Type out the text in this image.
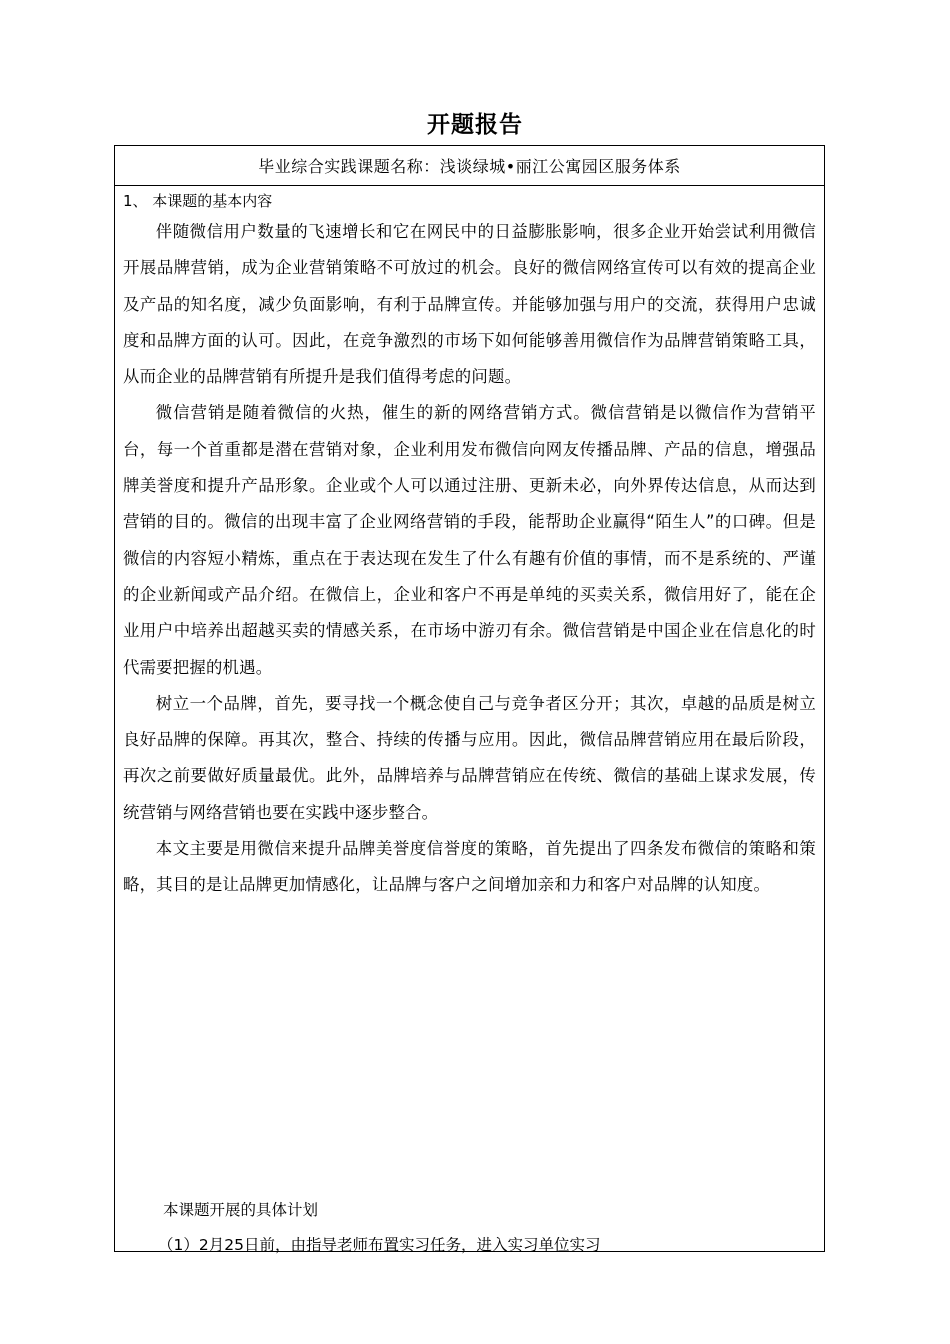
开题报告
毕业综合实践课题名称：浅谈绿城•丽江公寓园区服务体系
1、 本课题的基本内容

伴随微信用户数量的飞速增长和它在网民中的日益膨胀影响，很多企业开始尝试利用微信开展品牌营销，成为企业营销策略不可放过的机会。良好的微信网络宣传可以有效的提高企业及产品的知名度，减少负面影响，有利于品牌宣传。并能够加强与用户的交流，获得用户忠诚度和品牌方面的认可。因此，在竞争激烈的市场下如何能够善用微信作为品牌营销策略工具，从而企业的品牌营销有所提升是我们值得考虑的问题。

微信营销是随着微信的火热，催生的新的网络营销方式。微信营销是以微信作为营销平台，每一个首重都是潜在营销对象，企业利用发布微信向网友传播品牌、产品的信息，增强品牌美誉度和提升产品形象。企业或个人可以通过注册、更新未必，向外界传达信息，从而达到营销的目的。微信的出现丰富了企业网络营销的手段，能帮助企业赢得“陌生人”的口碑。但是微信的内容短小精炼，重点在于表达现在发生了什么有趣有价值的事情，而不是系统的、严谨的企业新闻或产品介绍。在微信上，企业和客户不再是单纯的买卖关系，微信用好了，能在企业用户中培养出超越买卖的情感关系，在市场中游刃有余。微信营销是中国企业在信息化的时代需要把握的机遇。

树立一个品牌，首先，要寻找一个概念使自己与竞争者区分开；其次，卓越的品质是树立良好品牌的保障。再其次，整合、持续的传播与应用。因此，微信品牌营销应用在最后阶段，再次之前要做好质量最优。此外，品牌培养与品牌营销应在传统、微信的基础上谋求发展，传统营销与网络营销也要在实践中逐步整合。

本文主要是用微信来提升品牌美誉度信誉度的策略，首先提出了四条发布微信的策略和策略，其目的是让品牌更加情感化，让品牌与客户之间增加亲和力和客户对品牌的认知度。

本课题开展的具体计划
（1）2月25日前，由指导老师布置实习任务，进入实习单位实习
